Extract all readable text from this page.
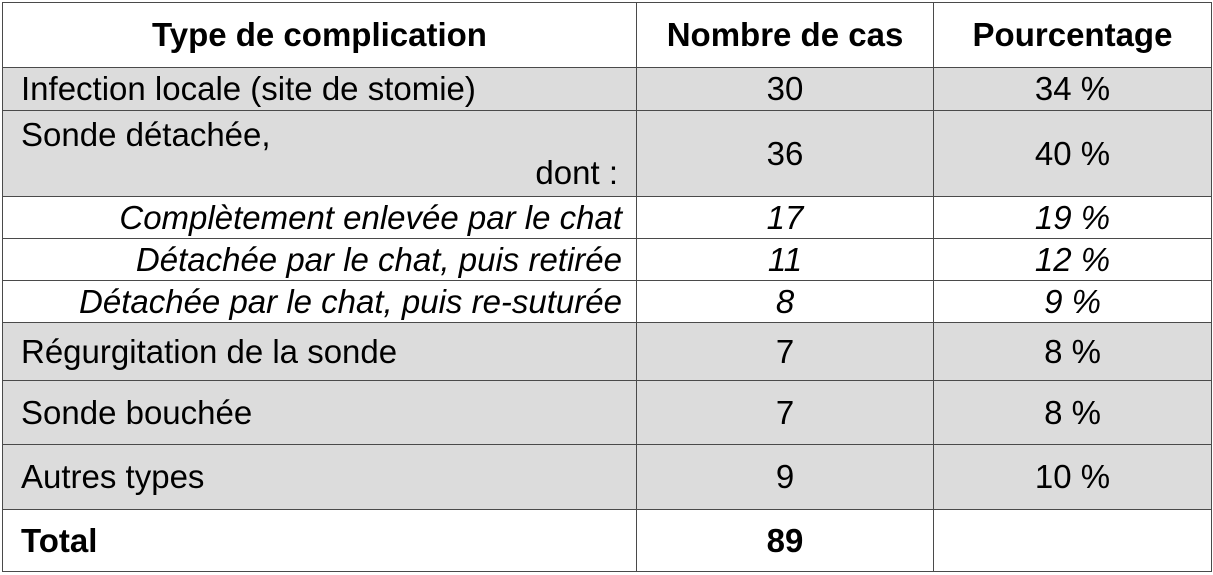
Type de complication	Nombre de cas	Pourcentage
Infection locale (site de stomie)	30	34 %

Sonde détachée,
dont :	36	40 %
Complètement enlevée par le chat	17	19 %
Détachée par le chat, puis retirée	11	12 %
Détachée par le chat, puis re-suturée	8	9 %
Régurgitation de la sonde	7	8 %
Sonde bouchée	7	8 %
Autres types	9	10 %
Total	89	
